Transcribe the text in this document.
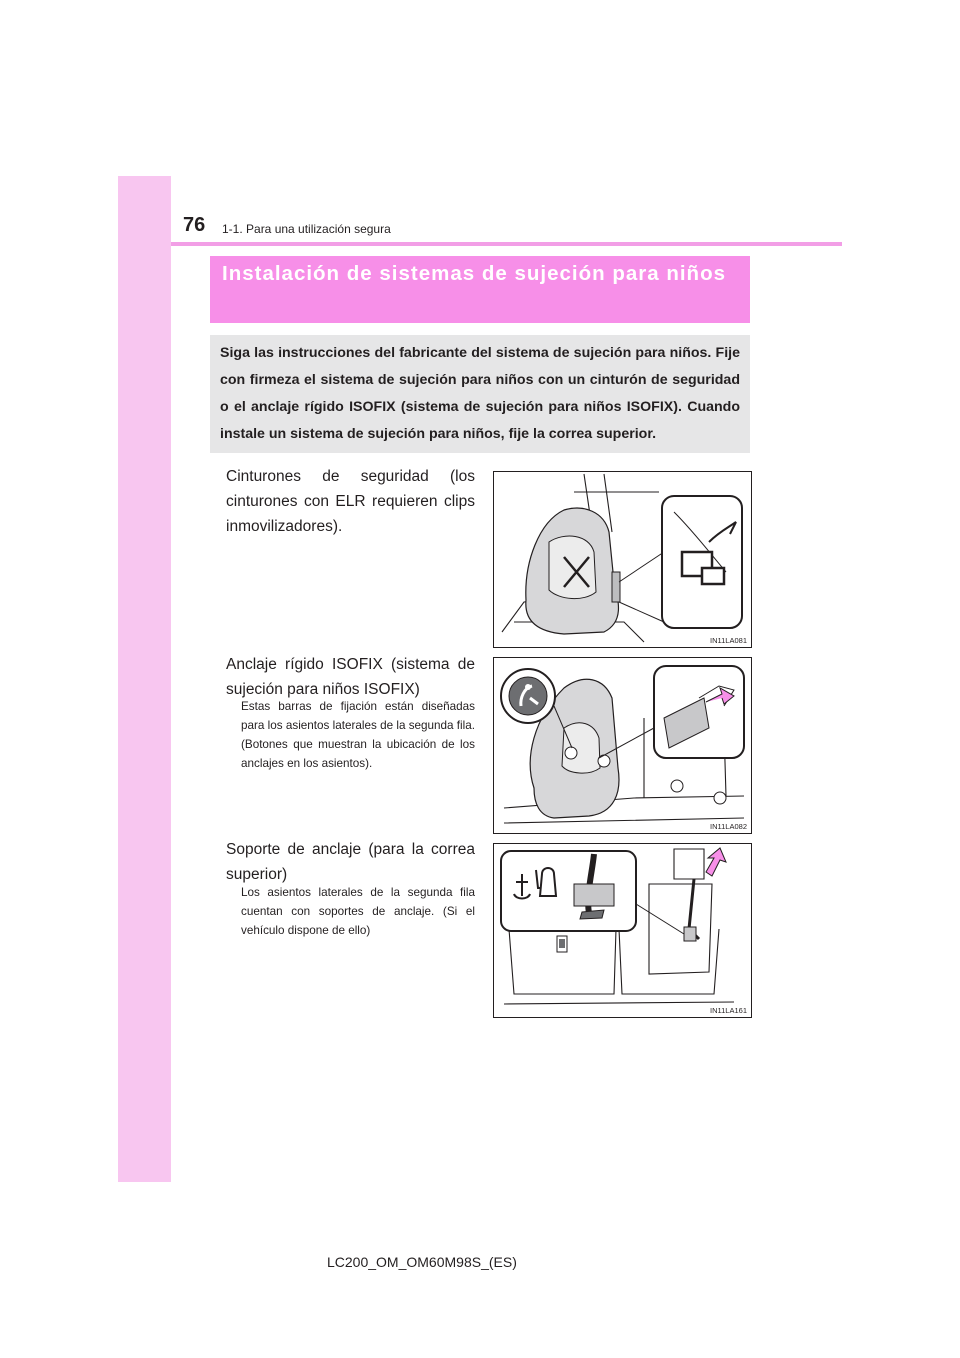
76 1-1. Para una utilización segura

Instalación de sistemas de sujeción para niños

Siga las instrucciones del fabricante del sistema de sujeción para niños. Fije con firmeza el sistema de sujeción para niños con un cinturón de seguridad o el anclaje rígido ISOFIX (sistema de sujeción para niños ISOFIX). Cuando instale un sistema de sujeción para niños, fije la correa superior.

Cinturones de seguridad (los cinturones con ELR requieren clips inmovilizadores).

IN11LA081

Anclaje rígido ISOFIX (sistema de sujeción para niños ISOFIX)

Estas barras de fijación están diseñadas para los asientos laterales de la segunda fila. (Botones que muestran la ubicación de los anclajes en los asientos).

IN11LA082

Soporte de anclaje (para la correa superior)

Los asientos laterales de la segunda fila cuentan con soportes de anclaje. (Si el vehículo dispone de ello)

IN11LA161
LC200_OM_OM60M98S_(ES)
